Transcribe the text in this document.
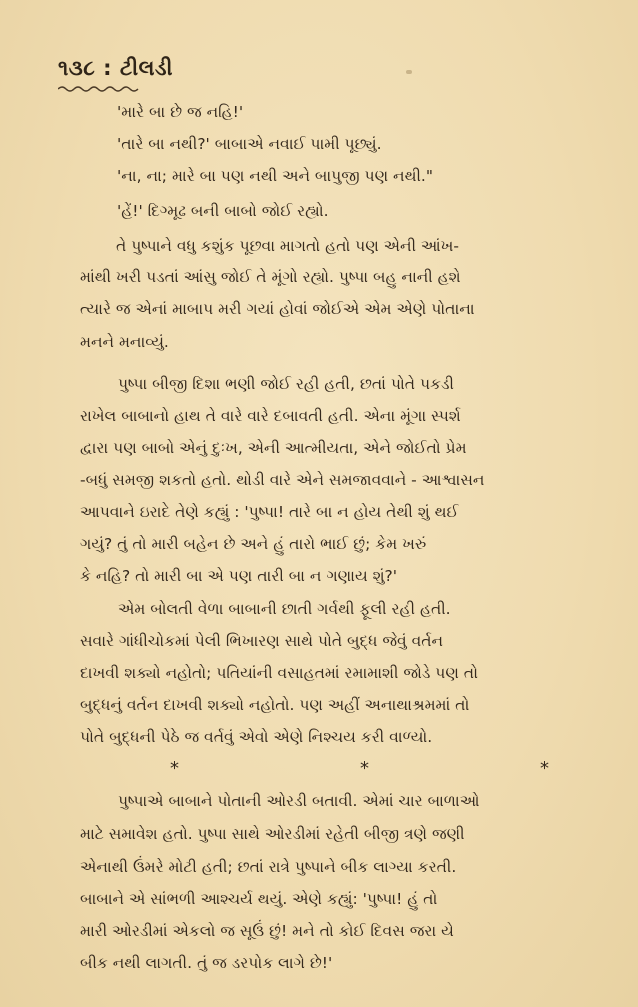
૧૩૮ : ટીલડી
'મારે બા છે જ નહિ!'
'તારે બા નથી?' બાબાએ નવાઈ પામી પૂછ્યું.
'ના, ના; મારે બા પણ નથી અને બાપુજી પણ નથી."
'હેં!' દિગ્મૂઢ બની બાબો જોઈ રહ્યો.
તે પુષ્પાને વધુ કશુંક પૂછવા માગતો હતો પણ એની આંખ-
માંથી ખરી પડતાં આંસુ જોઈ તે મૂંગો રહ્યો. પુષ્પા બહુ નાની હશે
ત્યારે જ એનાં માબાપ મરી ગયાં હોવાં જોઈએ એમ એણે પોતાના
મનને મનાવ્યું.
પુષ્પા બીજી દિશા ભણી જોઈ રહી હતી, છતાં પોતે પકડી
રાખેલ બાબાનો હાથ તે વારે વારે દબાવતી હતી. એના મૂંગા સ્પર્શ
દ્વારા પણ બાબો એનું દુઃખ, એની આત્મીયતા, એને જોઈતો પ્રેમ
-બધું સમજી શકતો હતો. થોડી વારે એને સમજાવવાને - આશ્વાસન
આપવાને ઇરાદે તેણે કહ્યું : 'પુષ્પા! તારે બા ન હોય તેથી શું થઈ
ગયું? તું તો મારી બહેન છે અને હું તારો ભાઈ છું; કેમ ખરું
કે નહિ? તો મારી બા એ પણ તારી બા ન ગણાય શું?'
એમ બોલતી વેળા બાબાની છાતી ગર્વથી ફૂલી રહી હતી.
સવારે ગાંધીચોકમાં પેલી ભિખારણ સાથે પોતે બુદ્ધ જેવું વર્તન
દાખવી શક્યો નહોતો; પતિયાંની વસાહતમાં રમામાશી જોડે પણ તો
બુદ્ધનું વર્તન દાખવી શક્યો નહોતો. પણ અહીં અનાથાશ્રમમાં તો
પોતે બુદ્ધની પેઠે જ વર્તવું એવો એણે નિશ્ચય કરી વાળ્યો.
*	*	*
પુષ્પાએ બાબાને પોતાની ઓરડી બતાવી. એમાં ચાર બાળાઓ
માટે સમાવેશ હતો. પુષ્પા સાથે ઓરડીમાં રહેતી બીજી ત્રણે જણી
એનાથી ઉંમરે મોટી હતી; છતાં રાત્રે પુષ્પાને બીક લાગ્યા કરતી.
બાબાને એ સાંભળી આશ્ચર્ય થયું. એણે કહ્યું: 'પુષ્પા! હું તો
મારી ઓરડીમાં એકલો જ સૂઉં છું! મને તો કોઈ દિવસ જરા યે
બીક નથી લાગતી. તું જ ડરપોક લાગે છે!'
